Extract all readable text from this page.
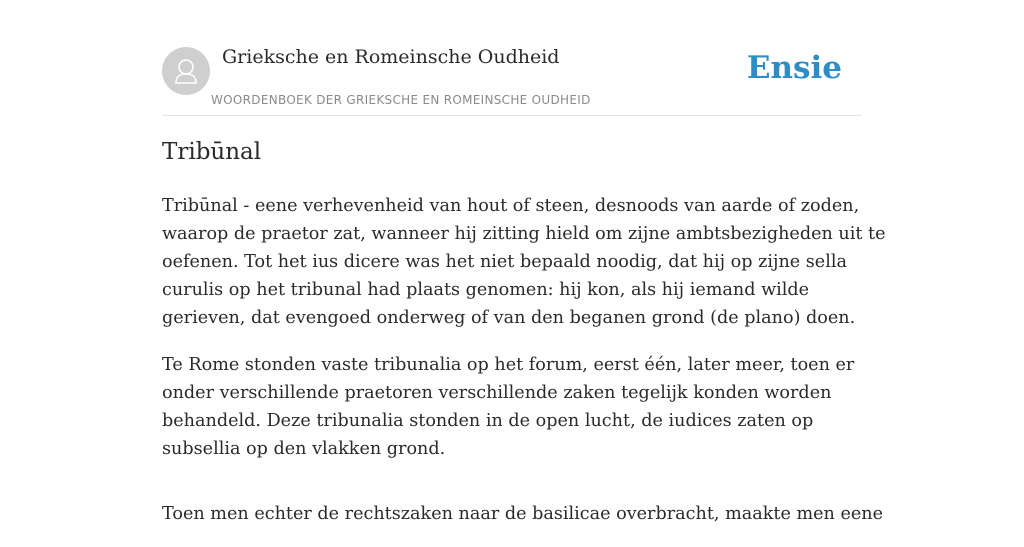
Grieksche en Romeinsche Oudheid
WOORDENBOEK DER GRIEKSCHE EN ROMEINSCHE OUDHEID
Ensie
Tribūnal

Tribūnal - eene verhevenheid van hout of steen, desnoods van aarde of zoden,
waarop de praetor zat, wanneer hij zitting hield om zijne ambtsbezigheden uit te
oefenen. Tot het ius dicere was het niet bepaald noodig, dat hij op zijne sella
curulis op het tribunal had plaats genomen: hij kon, als hij iemand wilde
gerieven, dat evengoed onderweg of van den beganen grond (de plano) doen.

Te Rome stonden vaste tribunalia op het forum, eerst één, later meer, toen er
onder verschillende praetoren verschillende zaken tegelijk konden worden
behandeld. Deze tribunalia stonden in de open lucht, de iudices zaten op
subsellia op den vlakken grond.

Toen men echter de rechtszaken naar de basilicae overbracht, maakte men eene
